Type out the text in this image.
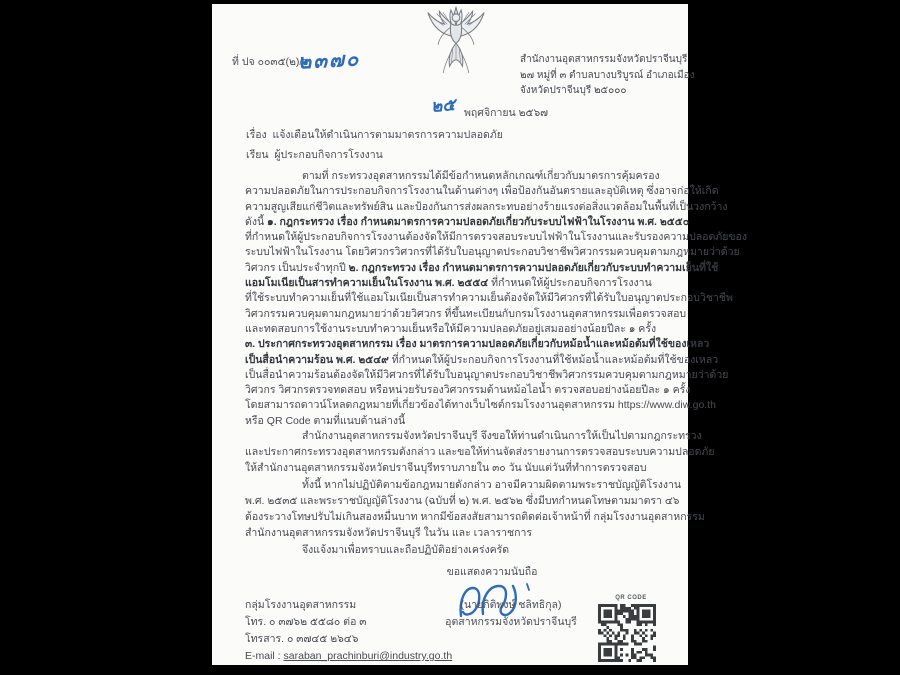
ที่ ปจ ๐๐๓๕(๒)/ว
๒๓๗๐	สำนักงานอุตสาหกรรมจังหวัดปราจีนบุรี
๒๗ หมู่ที่ ๓ ตำบลบางบริบูรณ์ อำเภอเมือง
จังหวัดปราจีนบุรี ๒๕๐๐๐
๒๕ พฤศจิกายน ๒๕๖๗
เรื่อง แจ้งเตือนให้ดำเนินการตามมาตรการความปลอดภัย
เรียน ผู้ประกอบกิจการโรงงาน
ตามที่ กระทรวงอุตสาหกรรมได้มีข้อกำหนดหลักเกณฑ์เกี่ยวกับมาตรการคุ้มครอง
ความปลอดภัยในการประกอบกิจการโรงงานในด้านต่างๆ เพื่อป้องกันอันตรายและอุบัติเหตุ ซึ่งอาจก่อให้เกิด
ความสูญเสียแก่ชีวิตและทรัพย์สิน และป้องกันการส่งผลกระทบอย่างร้ายแรงต่อสิ่งแวดล้อมในพื้นที่เป็นวงกว้าง
ดังนี้ ๑. กฎกระทรวง เรื่อง กำหนดมาตรการความปลอดภัยเกี่ยวกับระบบไฟฟ้าในโรงงาน พ.ศ. ๒๕๕๐
ที่กำหนดให้ผู้ประกอบกิจการโรงงานต้องจัดให้มีการตรวจสอบระบบไฟฟ้าในโรงงานและรับรองความปลอดภัยของ
ระบบไฟฟ้าในโรงงาน โดยวิศวกรวิศวกรที่ได้รับใบอนุญาตประกอบวิชาชีพวิศวกรรมควบคุมตามกฎหมายว่าด้วย
วิศวกร เป็นประจำทุกปี ๒. กฎกระทรวง เรื่อง กำหนดมาตรการความปลอดภัยเกี่ยวกับระบบทำความเย็นที่ใช้
แอมโมเนียเป็นสารทำความเย็นในโรงงาน พ.ศ. ๒๕๕๔ ที่กำหนดให้ผู้ประกอบกิจการโรงงาน
ที่ใช้ระบบทำความเย็นที่ใช้แอมโมเนียเป็นสารทำความเย็นต้องจัดให้มีวิศวกรที่ได้รับใบอนุญาตประกอบวิชาชีพ
วิศวกรรมควบคุมตามกฎหมายว่าด้วยวิศวกร ที่ขึ้นทะเบียนกับกรมโรงงานอุตสาหกรรมเพื่อตรวจสอบ
และทดสอบการใช้งานระบบทำความเย็นหรือให้มีความปลอดภัยอยู่เสมออย่างน้อยปีละ ๑ ครั้ง
๓. ประกาศกระทรวงอุตสาหกรรม เรื่อง มาตรการความปลอดภัยเกี่ยวกับหม้อน้ำและหม้อต้มที่ใช้ของเหลว
เป็นสื่อนำความร้อน พ.ศ. ๒๕๔๙ ที่กำหนดให้ผู้ประกอบกิจการโรงงานที่ใช้หม้อน้ำและหม้อต้มที่ใช้ของเหลว
เป็นสื่อนำความร้อนต้องจัดให้มีวิศวกรที่ได้รับใบอนุญาตประกอบวิชาชีพวิศวกรรมควบคุมตามกฎหมายว่าด้วย
วิศวกร วิศวกรตรวจทดสอบ หรือหน่วยรับรองวิศวกรรมด้านหม้อไอน้ำ ตรวจสอบอย่างน้อยปีละ ๑ ครั้ง
โดยสามารถดาวน์โหลดกฎหมายที่เกี่ยวข้องได้ทางเว็บไซต์กรมโรงงานอุตสาหกรรม https://www.diw.go.th
หรือ QR Code ตามที่แนบด้านล่างนี้
สำนักงานอุตสาหกรรมจังหวัดปราจีนบุรี จึงขอให้ท่านดำเนินการให้เป็นไปตามกฎกระทรวง
และประกาศกระทรวงอุตสาหกรรมดังกล่าว และขอให้ท่านจัดส่งรายงานการตรวจสอบระบบความปลอดภัย
ให้สำนักงานอุตสาหกรรมจังหวัดปราจีนบุรีทราบภายใน ๓๐ วัน นับแต่วันที่ทำการตรวจสอบ
ทั้งนี้ หากไม่ปฏิบัติตามข้อกฎหมายดังกล่าว อาจมีความผิดตามพระราชบัญญัติโรงงาน
พ.ศ. ๒๕๓๕ และพระราชบัญญัติโรงงาน (ฉบับที่ ๒) พ.ศ. ๒๕๖๒ ซึ่งมีบทกำหนดโทษตามมาตรา ๔๖
ต้องระวางโทษปรับไม่เกินสองหมื่นบาท หากมีข้อสงสัยสามารถติดต่อเจ้าหน้าที่ กลุ่มโรงงานอุตสาหกรรม
สำนักงานอุตสาหกรรมจังหวัดปราจีนบุรี ในวัน และ เวลาราชการ
จึงแจ้งมาเพื่อทราบและถือปฏิบัติอย่างเคร่งครัด
ขอแสดงความนับถือ
(นายกิติพงษ์ ชลิทธิกุล)
อุตสาหกรรมจังหวัดปราจีนบุรี
กลุ่มโรงงานอุตสาหกรรม
โทร. ๐ ๓๗๖๒ ๕๕๘๐ ต่อ ๓
โทรสาร. ๐ ๓๗๔๕ ๒๖๔๖
E-mail : saraban_prachinburi@industry.go.th
QR CODE
